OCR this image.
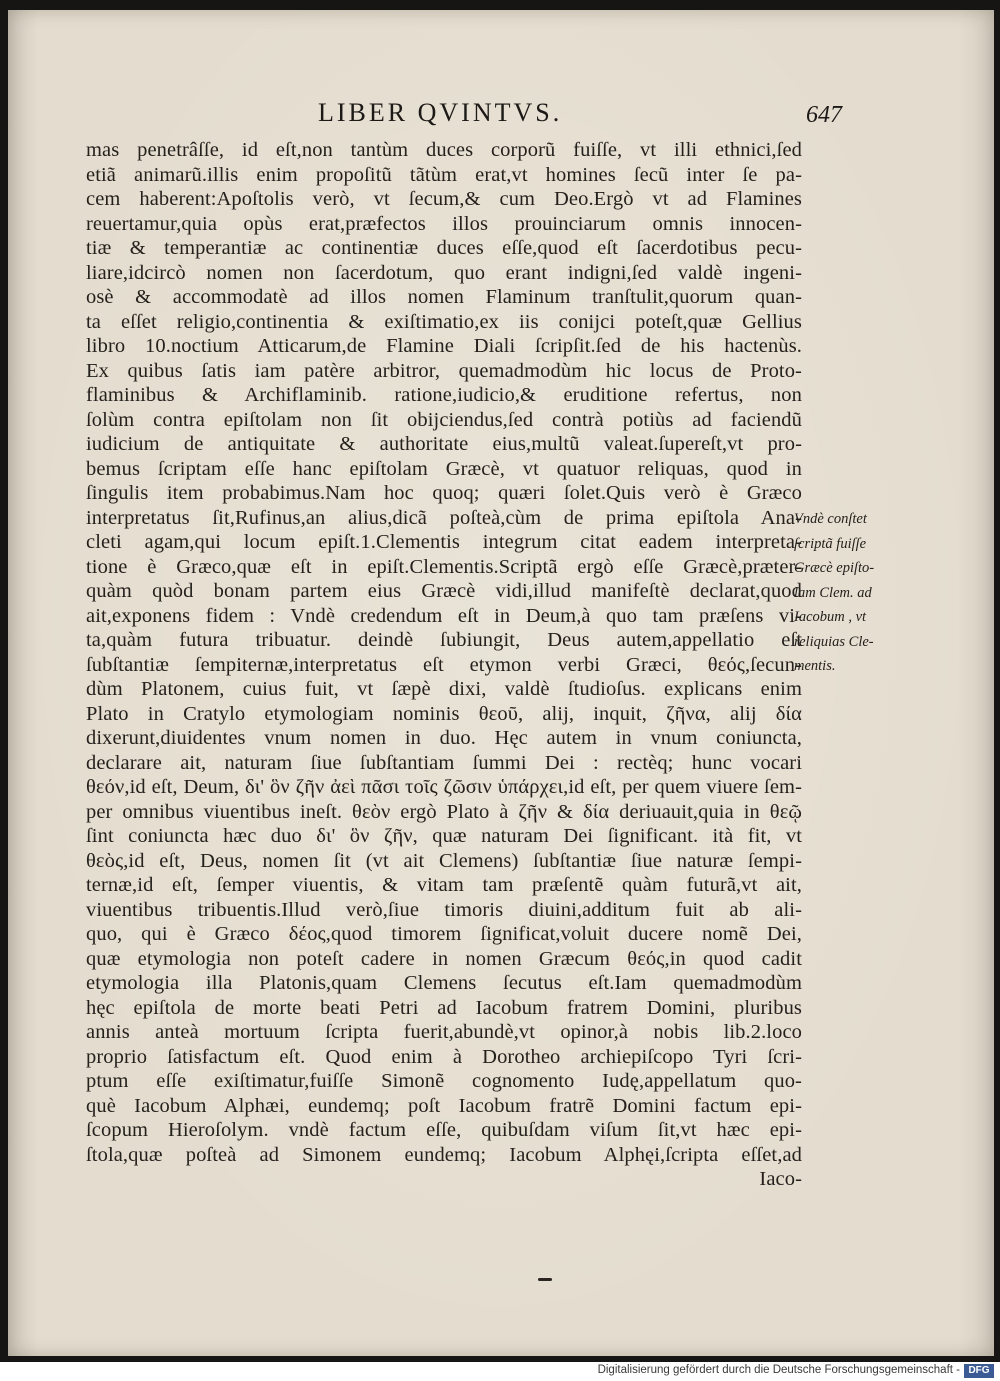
LIBER QVINTVS.	647
mas penetrâſſe, id eſt,non tantùm duces corporũ fuiſſe, vt illi ethnici,ſed
etiã animarũ.illis enim propoſitũ tãtùm erat,vt homines ſecũ inter ſe pa-
cem haberent:Apoſtolis verò, vt ſecum,& cum Deo.Ergò vt ad Flamines
reuertamur,quia opùs erat,præfectos illos prouinciarum omnis innocen-
tiæ & temperantiæ ac continentiæ duces eſſe,quod eſt ſacerdotibus pecu-
liare,idcircò nomen non ſacerdotum, quo erant indigni,ſed valdè ingeni-
osè & accommodatè ad illos nomen Flaminum tranſtulit,quorum quan-
ta eſſet religio,continentia & exiſtimatio,ex iis conijci poteſt,quæ Gellius
libro 10.noctium Atticarum,de Flamine Diali ſcripſit.ſed de his hactenùs.
Ex quibus ſatis iam patère arbitror, quemadmodùm hic locus de Proto-
flaminibus & Archiflaminib. ratione,iudicio,& eruditione refertus, non
ſolùm contra epiſtolam non ſit obijciendus,ſed contrà potiùs ad faciendũ
iudicium de antiquitate & authoritate eius,multũ valeat.ſupereſt,vt pro-
bemus ſcriptam eſſe hanc epiſtolam Græcè, vt quatuor reliquas, quod in
ſingulis item probabimus.Nam hoc quoq; quæri ſolet.Quis verò è Græco
interpretatus ſit,Rufinus,an alius,dicã poſteà,cùm de prima epiſtola Ana-
cleti agam,qui locum epiſt.1.Clementis integrum citat eadem interpreta-
tione è Græco,quæ eſt in epiſt.Clementis.Scriptã ergò eſſe Græcè,præter-
quàm quòd bonam partem eius Græcè vidi,illud manifeſtè declarat,quod
ait,exponens fidem : Vndè credendum eſt in Deum,à quo tam præſens vi-
ta,quàm futura tribuatur. deindè ſubiungit, Deus autem,appellatio eſt
ſubſtantiæ ſempiternæ,interpretatus eſt etymon verbi Græci, θεός,ſecun-
dùm Platonem, cuius fuit, vt ſæpè dixi, valdè ſtudioſus. explicans enim
Plato in Cratylo etymologiam nominis θεοῦ, alij, inquit, ζῆνα, alij δία
dixerunt,diuidentes vnum nomen in duo. Hęc autem in vnum coniuncta,
declarare ait, naturam ſiue ſubſtantiam ſummi Dei : rectèq; hunc vocari
θεόν,id eſt, Deum, δι' ὃν ζῆν ἀεὶ πᾶσι τοῖς ζῶσιν ὑπάρχει,id eſt, per quem viuere ſem-
per omnibus viuentibus ineſt. θεὸν ergò Plato à ζῆν & δία deriuauit,quia in θεῷ
ſint coniuncta hæc duo δι' ὃν ζῆν, quæ naturam Dei ſignificant. ità fit, vt
θεὸς,id eſt, Deus, nomen ſit (vt ait Clemens) ſubſtantiæ ſiue naturæ ſempi-
ternæ,id eſt, ſemper viuentis, & vitam tam præſentẽ quàm futurã,vt ait,
viuentibus tribuentis.Illud verò,ſiue timoris diuini,additum fuit ab ali-
quo, qui è Græco δέος,quod timorem ſignificat,voluit ducere nomẽ Dei,
quæ etymologia non poteſt cadere in nomen Græcum θεός,in quod cadit
etymologia illa Platonis,quam Clemens ſecutus eſt.Iam quemadmodùm
hęc epiſtola de morte beati Petri ad Iacobum fratrem Domini, pluribus
annis anteà mortuum ſcripta fuerit,abundè,vt opinor,à nobis lib.2.loco
proprio ſatisfactum eſt. Quod enim à Dorotheo archiepiſcopo Tyri ſcri-
ptum eſſe exiſtimatur,fuiſſe Simonẽ cognomento Iudę,appellatum quo-
què Iacobum Alphæi, eundemq; poſt Iacobum fratrẽ Domini factum epi-
ſcopum Hieroſolym. vndè factum eſſe, quibuſdam viſum ſit,vt hæc epi-
ſtola,quæ poſteà ad Simonem eundemq; Iacobum Alphęi,ſcripta eſſet,ad
Iaco-
Vndè conſtet
ſcriptã fuiſſe
Græcè epiſto-
lam Clem. ad
Iacobum , vt
reliquias Cle-
mentis.
Digitalisierung gefördert durch die Deutsche Forschungsgemeinschaft - DFG
